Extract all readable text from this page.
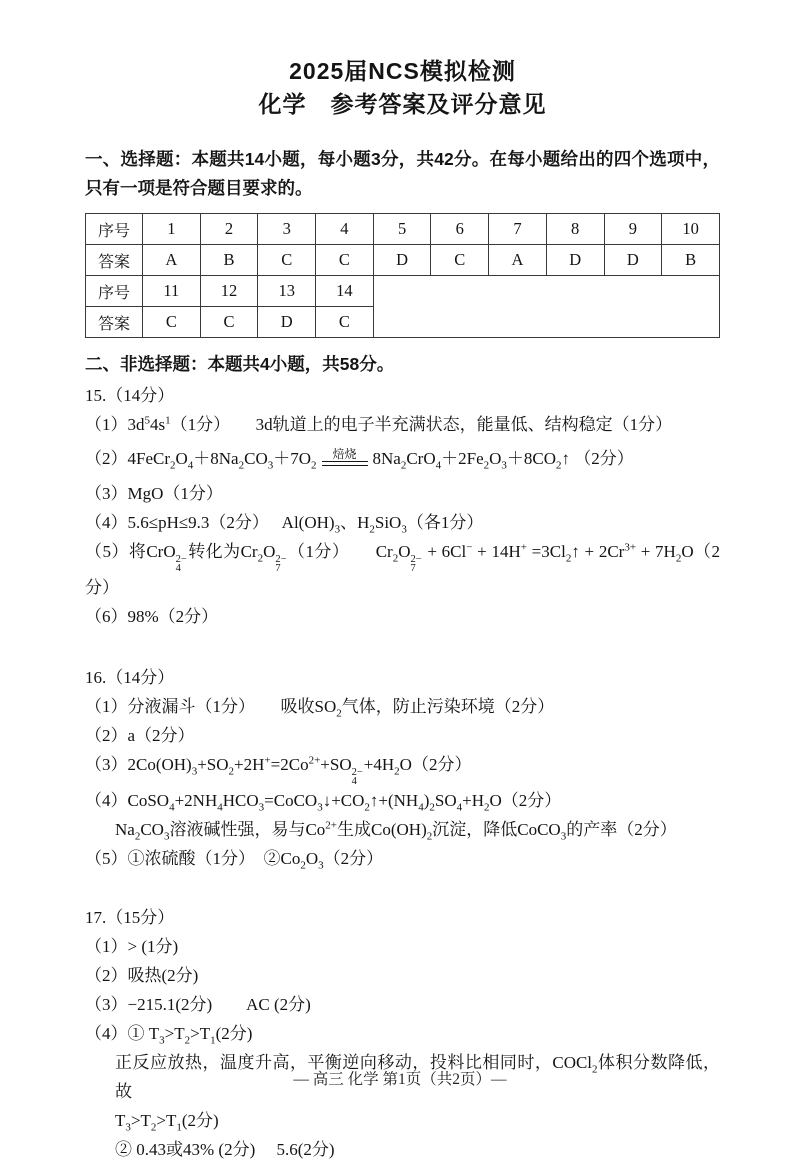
2025届NCS模拟检测
化学　参考答案及评分意见

一、选择题：本题共14小题，每小题3分，共42分。在每小题给出的四个选项中，只有一项是符合题目要求的。

序号	1	2	3	4	5	6	7	8	9	10
答案	A	B	C	C	D	C	A	D	D	B
序号	11	12	13	14						
答案	C	C	D	C						

二、非选择题：本题共4小题，共58分。

15.（14分）
$(1)3d^54s^1(1$分）　　3d轨道上的电子半充满状态，能量低、结构稳定（1分）
（2） $4FeCr_2O_4+8Na_2CO_3+7O_2$
焙烧 $8Na_2CrO_4+2Fe_2O_3+8CO_2↑$ （2分）
（3）MgO（1分）
（4）5.6≤pH≤9.3（2分）　 $Al(OH)_3$、$H_2SiO_3$（各1分）
（5）将CrO 2−
4
转化为$Cr_2O$ 2−
7
（1分）　　$Cr_2O$ 2−
7
+ $6Cl^- + 14H^+ =3Cl_2↑ + 2Cr^{3+} + 7H_2O(2$分）
（6）98%（2分）
16.（14分）
（1）分液漏斗（1分）　　吸收$SO_2$气体，防止污染环境（2分）
（2）a（2分）
$(3)2Co(OH)_3+SO_2+2H^+=2Co^{2+}+SO$ 2−
4
$+4H_2O(2$分）
$(4)CoSO_4+2NH_4HCO_3=CoCO_3↓+CO_2↑+(NH_4)_2SO_4+H_2O(2$分）
$Na_2CO_3$溶液碱性强，易与$Co^{2+}$生成$Co(OH)_2$沉淀，降低CoCO$_3$的产率（2分）
（5）①浓硫酸（1分）　$②Co_2O_3(2$分）
17.（15分）
（1）> (1分)
（2）吸热(2分)
（3）−215.1(2分)　　AC (2分)
（4）① $T_3>T_2>T_1(2$分)
正反应放热，温度升高，平衡逆向移动，投料比相同时，COCl$_2$体积分数降低，故
$T_3>T_2>T_1(2$分)
② 0.43或43% (2分)　 5.6(2分)
— 高三 化学 第1页（共2页）—
